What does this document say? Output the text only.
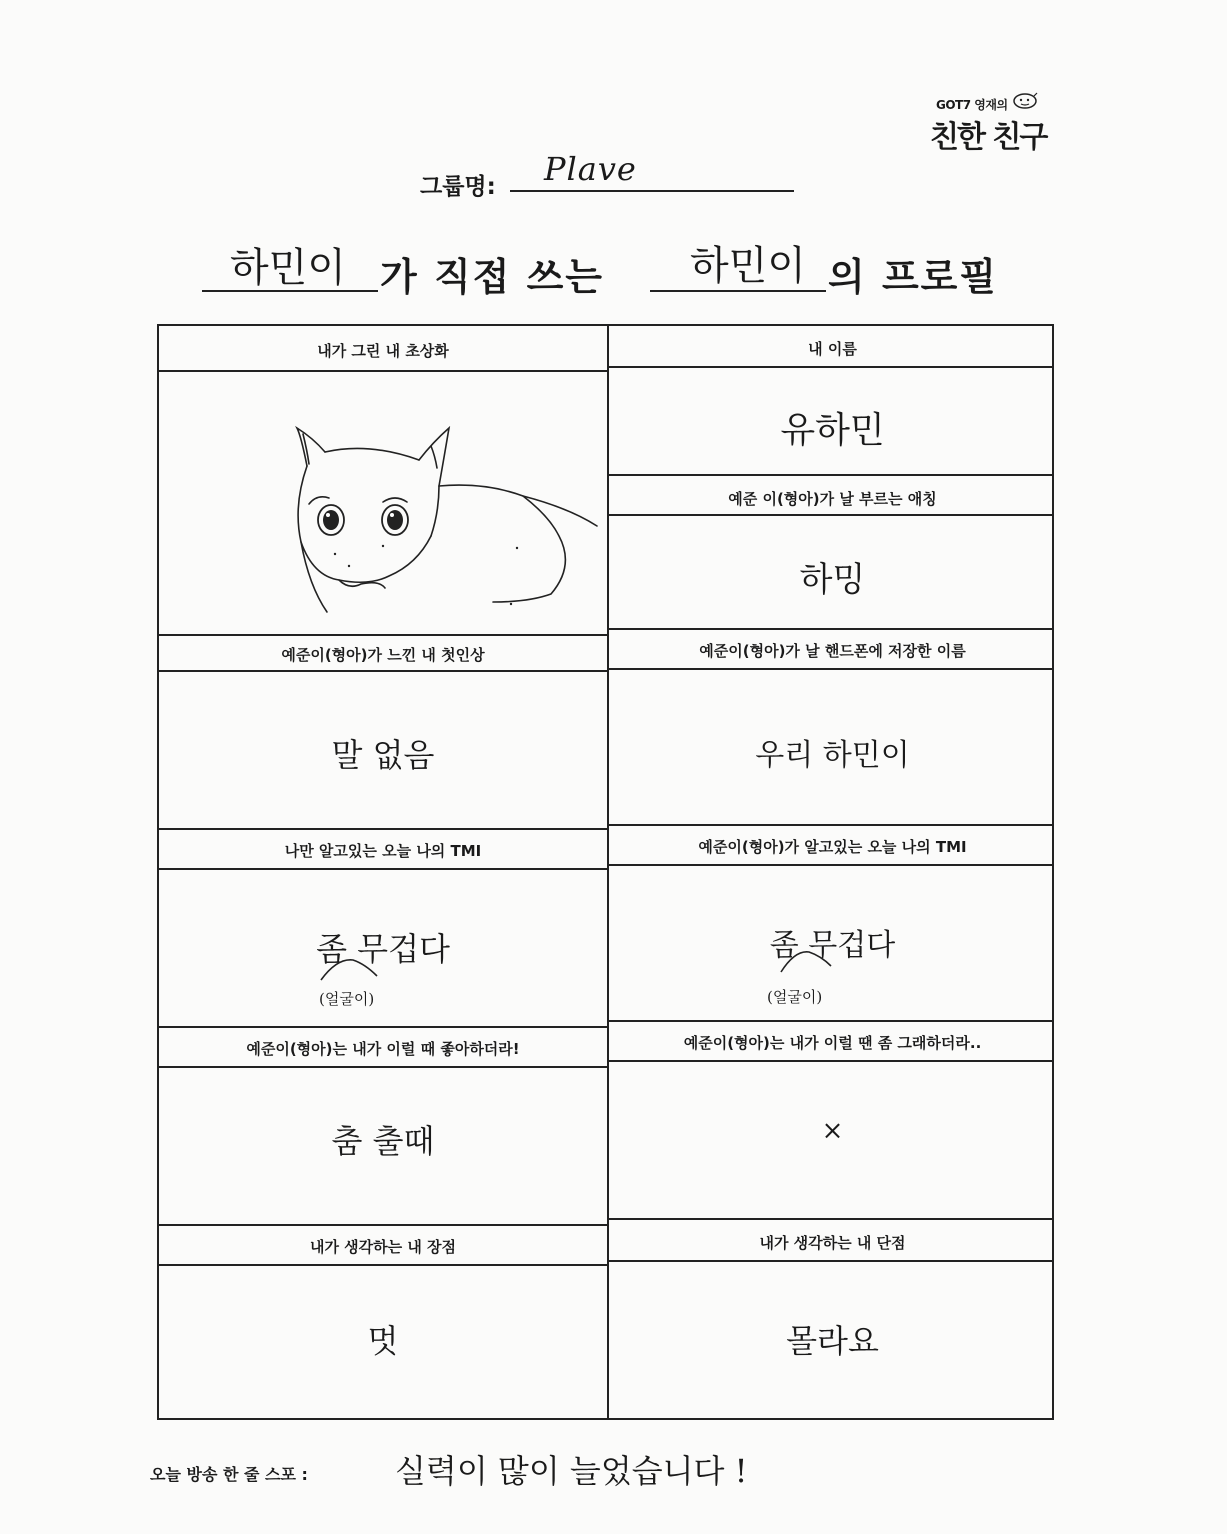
GOT7 영재의
친한 친구
그룹명: Plave
하민이 가 직접 쓰는 하민이 의 프로필
내가 그린 내 초상화
예준이(형아)가 느낀 내 첫인상
나만 알고있는 오늘 나의 TMI
예준이(형아)는 내가 이럴 때 좋아하더라!
내가 생각하는 내 장점
내 이름
예준 이(형아)가 날 부르는 애칭
예준이(형아)가 날 핸드폰에 저장한 이름
예준이(형아)가 알고있는 오늘 나의 TMI
예준이(형아)는 내가 이럴 땐 좀 그래하더라..
내가 생각하는 내 단점
말 없음
좀 무겁다
(얼굴이)
춤 출때
멋
유하민
하밍
우리 하민이
좀 무겁다
(얼굴이)
×
몰라요
오늘 방송 한 줄 스포 :	실력이 많이 늘었습니다 !
